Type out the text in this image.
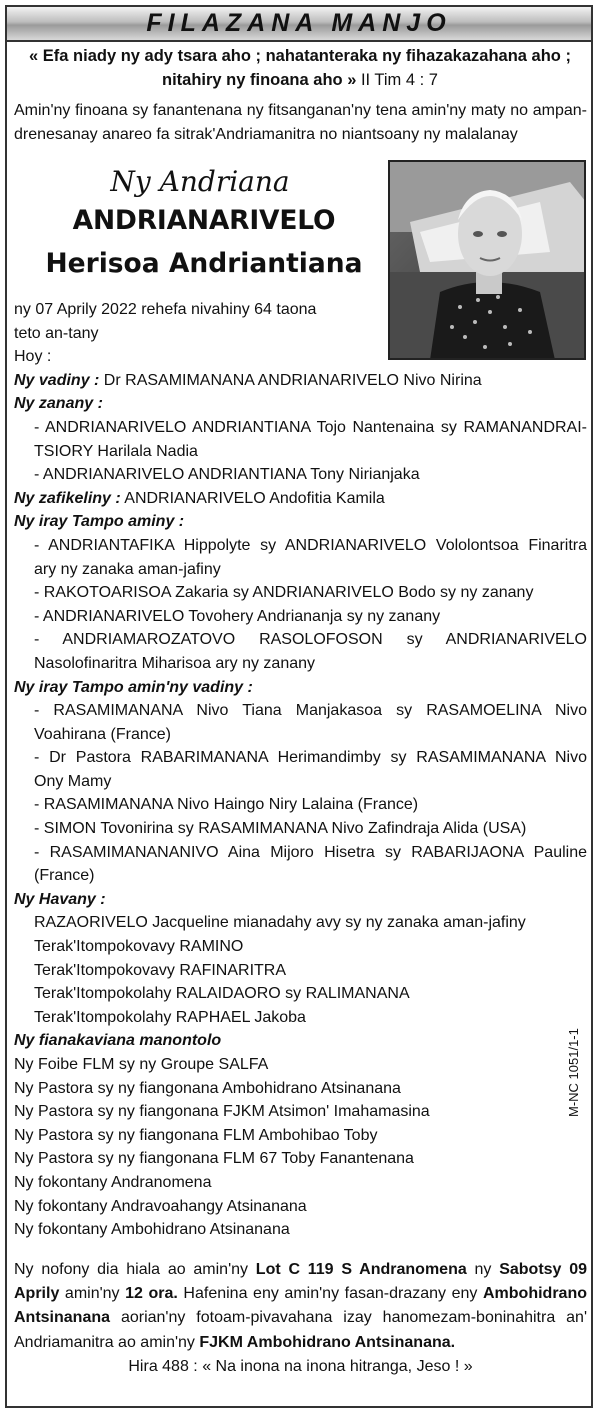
FILAZANA MANJO
« Efa niady ny ady tsara aho ; nahatanteraka ny fihazakazahana aho ;
nitahiry ny finoana aho » II Tim 4 : 7
Amin'ny finoana sy fanantenana ny fitsanganan'ny tena amin'ny maty no ampan-
drenesanay anareo fa sitrak'Andriamanitra no niantsoany ny malalanay
Ny Andriana
ANDRIANARIVELO
Herisoa Andriantiana
ny 07 Aprily 2022 rehefa nivahiny 64 taona
teto an-tany
Hoy :
Ny vadiny : Dr RASAMIMANANA ANDRIANARIVELO Nivo Nirina
Ny zanany :
- ANDRIANARIVELO ANDRIANTIANA Tojo Nantenaina sy RAMANANDRAI-
TSIORY Harilala Nadia
- ANDRIANARIVELO ANDRIANTIANA Tony Nirianjaka
Ny zafikeliny : ANDRIANARIVELO Andofitia Kamila
Ny iray Tampo aminy :
- ANDRIANTAFIKA Hippolyte sy ANDRIANARIVELO Vololontsoa Finaritra
ary ny zanaka aman-jafiny
- RAKOTOARISOA Zakaria sy ANDRIANARIVELO Bodo sy ny zanany
- ANDRIANARIVELO Tovohery Andriananja sy ny zanany
- ANDRIAMAROZATOVO RASOLOFOSON sy ANDRIANARIVELO
Nasolofinaritra Miharisoa ary ny zanany
Ny iray Tampo amin'ny vadiny :
- RASAMIMANANA Nivo Tiana Manjakasoa sy RASAMOELINA Nivo
Voahirana (France)
- Dr Pastora RABARIMANANA Herimandimby sy RASAMIMANANA Nivo
Ony Mamy
- RASAMIMANANA Nivo Haingo Niry Lalaina (France)
- SIMON Tovonirina sy RASAMIMANANA Nivo Zafindraja Alida (USA)
- RASAMIMANANANIVO Aina Mijoro Hisetra sy RABARIJAONA Pauline
(France)
Ny Havany :
RAZAORIVELO Jacqueline mianadahy avy sy ny zanaka aman-jafiny
Terak'Itompokovavy RAMINO
Terak'Itompokovavy RAFINARITRA
Terak'Itompokolahy RALAIDAORO sy RALIMANANA
Terak'Itompokolahy RAPHAEL Jakoba
Ny fianakaviana manontolo
Ny Foibe FLM sy ny Groupe SALFA
Ny Pastora sy ny fiangonana Ambohidrano Atsinanana
Ny Pastora sy ny fiangonana FJKM Atsimon' Imahamasina
Ny Pastora sy ny fiangonana FLM Ambohibao Toby
Ny Pastora sy ny fiangonana FLM 67 Toby Fanantenana
Ny fokontany Andranomena
Ny fokontany Andravoahangy Atsinanana
Ny fokontany Ambohidrano Atsinanana
M-NC 1051/1-1
Ny nofony dia hiala ao amin'ny Lot C 119 S Andranomena ny Sabotsy 09 Aprily amin'ny 12 ora. Hafenina eny amin'ny fasan-drazany eny Ambohidrano Antsinanana aorian'ny fotoam-pivavahana izay hanomezam-boninahitra an' Andriamanitra ao amin'ny FJKM Ambohidrano Antsinanana.
Hira 488 : « Na inona na inona hitranga, Jeso ! »
